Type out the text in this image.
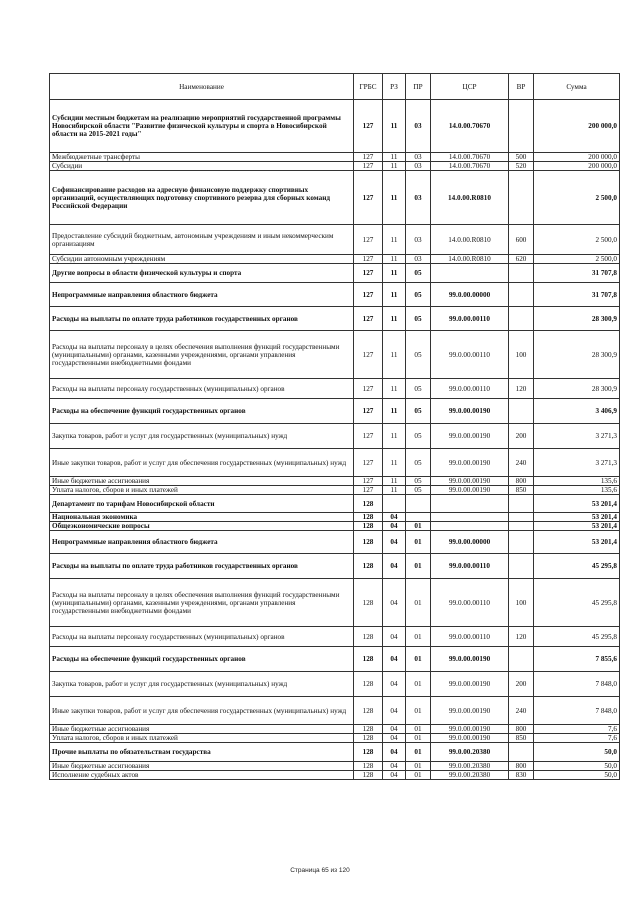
Наименование	ГРБС	РЗ	ПР	ЦСР	ВР	Сумма
Субсидии местным бюджетам на реализацию мероприятий государственной программы Новосибирской области "Развитие физической культуры и спорта в Новосибирской области на 2015-2021 годы"	127	11	03	14.0.00.70670		200 000,0
Межбюджетные трансферты	127	11	03	14.0.00.70670	500	200 000,0
Субсидии	127	11	03	14.0.00.70670	520	200 000,0
Софинансирование расходов на адресную финансовую поддержку спортивных организаций, осуществляющих подготовку спортивного резерва для сборных команд Российской Федерации	127	11	03	14.0.00.R0810		2 500,0
Предоставление субсидий бюджетным, автономным учреждениям и иным некоммерческим организациям	127	11	03	14.0.00.R0810	600	2 500,0
Субсидии автономным учреждениям	127	11	03	14.0.00.R0810	620	2 500,0
Другие вопросы в области физической культуры и спорта	127	11	05			31 707,8
Непрограммные направления областного бюджета	127	11	05	99.0.00.00000		31 707,8
Расходы на выплаты по оплате труда работников государственных органов	127	11	05	99.0.00.00110		28 300,9
Расходы на выплаты персоналу в целях обеспечения выполнения функций государственными (муниципальными) органами, казенными учреждениями, органами управления государственными внебюджетными фондами	127	11	05	99.0.00.00110	100	28 300,9
Расходы на выплаты персоналу государственных (муниципальных) органов	127	11	05	99.0.00.00110	120	28 300,9
Расходы на обеспечение функций государственных органов	127	11	05	99.0.00.00190		3 406,9
Закупка товаров, работ и услуг для государственных (муниципальных) нужд	127	11	05	99.0.00.00190	200	3 271,3
Иные закупки товаров, работ и услуг для обеспечения государственных (муниципальных) нужд	127	11	05	99.0.00.00190	240	3 271,3
Иные бюджетные ассигнования	127	11	05	99.0.00.00190	800	135,6
Уплата налогов, сборов и иных платежей	127	11	05	99.0.00.00190	850	135,6
Департамент по тарифам Новосибирской области	128					53 201,4
Национальная экономика	128	04				53 201,4
Общеэкономические вопросы	128	04	01			53 201,4
Непрограммные направления областного бюджета	128	04	01	99.0.00.00000		53 201,4
Расходы на выплаты по оплате труда работников государственных органов	128	04	01	99.0.00.00110		45 295,8
Расходы на выплаты персоналу в целях обеспечения выполнения функций государственными (муниципальными) органами, казенными учреждениями, органами управления государственными внебюджетными фондами	128	04	01	99.0.00.00110	100	45 295,8
Расходы на выплаты персоналу государственных (муниципальных) органов	128	04	01	99.0.00.00110	120	45 295,8
Расходы на обеспечение функций государственных органов	128	04	01	99.0.00.00190		7 855,6
Закупка товаров, работ и услуг для государственных (муниципальных) нужд	128	04	01	99.0.00.00190	200	7 848,0
Иные закупки товаров, работ и услуг для обеспечения государственных (муниципальных) нужд	128	04	01	99.0.00.00190	240	7 848,0
Иные бюджетные ассигнования	128	04	01	99.0.00.00190	800	7,6
Уплата налогов, сборов и иных платежей	128	04	01	99.0.00.00190	850	7,6
Прочие выплаты по обязательствам государства	128	04	01	99.0.00.20380		50,0
Иные бюджетные ассигнования	128	04	01	99.0.00.20380	800	50,0
Исполнение судебных актов	128	04	01	99.0.00.20380	830	50,0
Страница 65 из 120
